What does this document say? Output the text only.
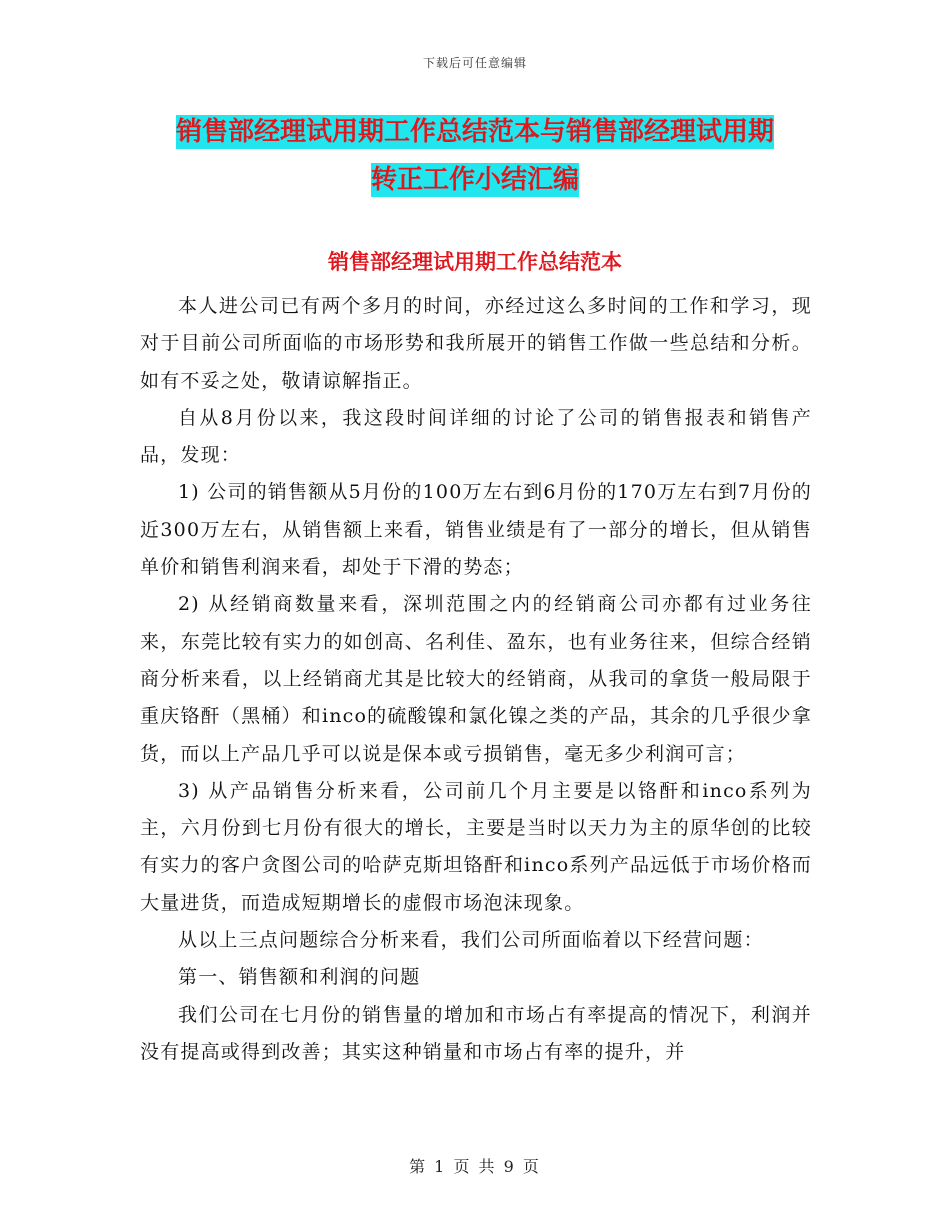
下载后可任意编辑
销售部经理试用期工作总结范本与销售部经理试用期
转正工作小结汇编
销售部经理试用期工作总结范本

本人进公司已有两个多月的时间，亦经过这么多时间的工作和学习，现对于目前公司所面临的市场形势和我所展开的销售工作做一些总结和分析。如有不妥之处，敬请谅解指正。

自从8月份以来，我这段时间详细的讨论了公司的销售报表和销售产品，发现：

1) 公司的销售额从5月份的100万左右到6月份的170万左右到7月份的近300万左右，从销售额上来看，销售业绩是有了一部分的增长，但从销售单价和销售利润来看，却处于下滑的势态；

2) 从经销商数量来看，深圳范围之内的经销商公司亦都有过业务往来，东莞比较有实力的如创高、名利佳、盈东，也有业务往来，但综合经销商分析来看，以上经销商尤其是比较大的经销商，从我司的拿货一般局限于重庆铬酐（黑桶）和inco的硫酸镍和氯化镍之类的产品，其余的几乎很少拿货，而以上产品几乎可以说是保本或亏损销售，毫无多少利润可言；

3) 从产品销售分析来看，公司前几个月主要是以铬酐和inco系列为主，六月份到七月份有很大的增长，主要是当时以天力为主的原华创的比较有实力的客户贪图公司的哈萨克斯坦铬酐和inco系列产品远低于市场价格而大量进货，而造成短期增长的虚假市场泡沫现象。

从以上三点问题综合分析来看，我们公司所面临着以下经营问题：

第一、销售额和利润的问题

我们公司在七月份的销售量的增加和市场占有率提高的情况下，利润并没有提高或得到改善；其实这种销量和市场占有率的提升，并

第 1 页 共 9 页
